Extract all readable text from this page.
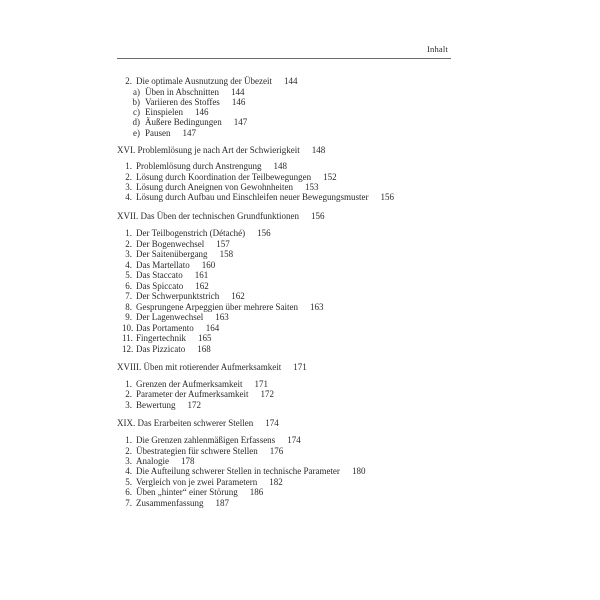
Inhalt
2. Die optimale Ausnutzung der Übezeit 144
a) Üben in Abschnitten 144
b) Variieren des Stoffes 146
c) Einspielen 146
d) Äußere Bedingungen 147
e) Pausen 147
XVI. Problemlösung je nach Art der Schwierigkeit 148
1. Problemlösung durch Anstrengung 148
2. Lösung durch Koordination der Teilbewegungen 152
3. Lösung durch Aneignen von Gewohnheiten 153
4. Lösung durch Aufbau und Einschleifen neuer Bewegungsmuster 156
XVII. Das Üben der technischen Grundfunktionen 156
1. Der Teilbogenstrich (Détaché) 156
2. Der Bogenwechsel 157
3. Der Saitenübergang 158
4. Das Martellato 160
5. Das Staccato 161
6. Das Spiccato 162
7. Der Schwerpunktstrich 162
8. Gesprungene Arpeggien über mehrere Saiten 163
9. Der Lagenwechsel 163
10. Das Portamento 164
11. Fingertechnik 165
12. Das Pizzicato 168
XVIII. Üben mit rotierender Aufmerksamkeit 171
1. Grenzen der Aufmerksamkeit 171
2. Parameter der Aufmerksamkeit 172
3. Bewertung 172
XIX. Das Erarbeiten schwerer Stellen 174
1. Die Grenzen zahlenmäßigen Erfassens 174
2. Übestrategien für schwere Stellen 176
3. Analogie 178
4. Die Aufteilung schwerer Stellen in technische Parameter 180
5. Vergleich von je zwei Parametern 182
6. Üben „hinter“ einer Störung 186
7. Zusammenfassung 187
